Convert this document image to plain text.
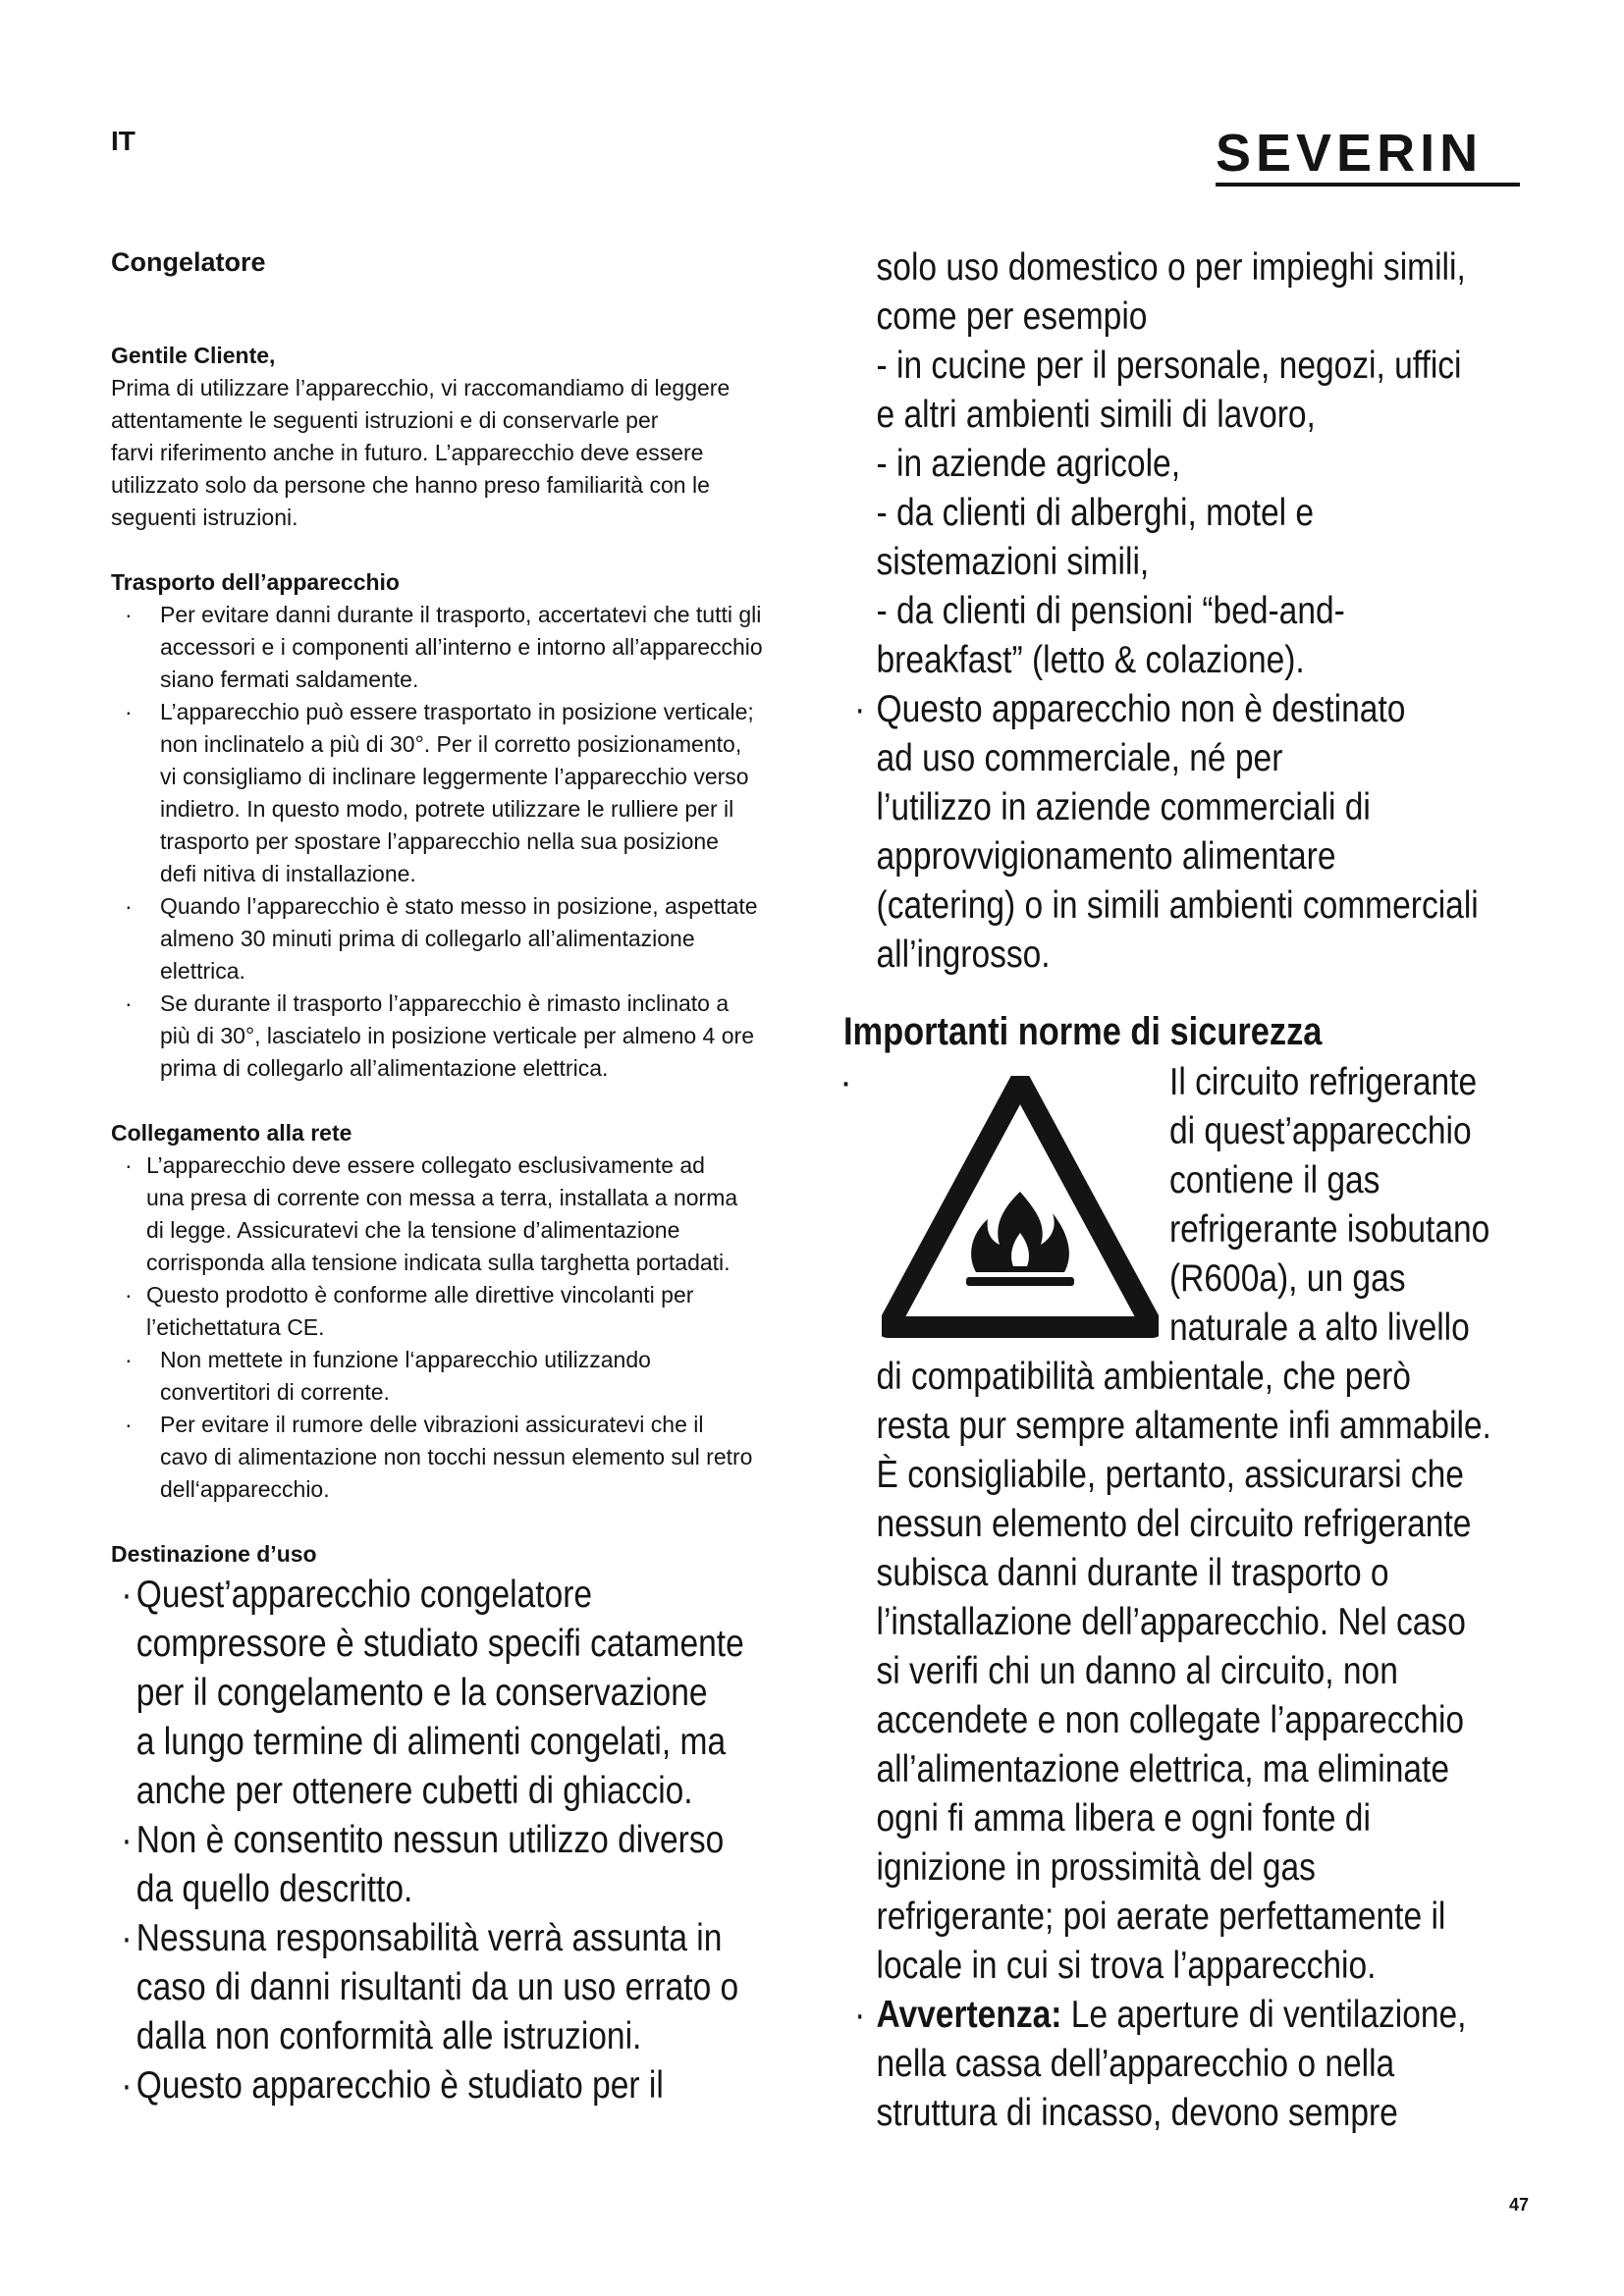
IT	SEVERIN

Congelatore

Gentile Cliente,

Prima di utilizzare l’apparecchio, vi raccomandiamo di leggere
attentamente le seguenti istruzioni e di conservarle per
farvi riferimento anche in futuro. L’apparecchio deve essere
utilizzato solo da persone che hanno preso familiarità con le
seguenti istruzioni.

Trasporto dell’apparecchio

· Per evitare danni durante il trasporto, accertatevi che tutti gli
accessori e i componenti all’interno e intorno all’apparecchio
siano fermati saldamente.

· L’apparecchio può essere trasportato in posizione verticale;
non inclinatelo a più di 30°. Per il corretto posizionamento,
vi consigliamo di inclinare leggermente l’apparecchio verso
indietro. In questo modo, potrete utilizzare le rulliere per il
trasporto per spostare l’apparecchio nella sua posizione
defi nitiva di installazione.

· Quando l’apparecchio è stato messo in posizione, aspettate
almeno 30 minuti prima di collegarlo all’alimentazione
elettrica.

· Se durante il trasporto l’apparecchio è rimasto inclinato a
più di 30°, lasciatelo in posizione verticale per almeno 4 ore
prima di collegarlo all’alimentazione elettrica.

Collegamento alla rete

· L’apparecchio deve essere collegato esclusivamente ad
una presa di corrente con messa a terra, installata a norma
di legge. Assicuratevi che la tensione d’alimentazione
corrisponda alla tensione indicata sulla targhetta portadati.

· Questo prodotto è conforme alle direttive vincolanti per
l’etichettatura CE.

· Non mettete in funzione l‘apparecchio utilizzando
convertitori di corrente.

· Per evitare il rumore delle vibrazioni assicuratevi che il
cavo di alimentazione non tocchi nessun elemento sul retro
dell‘apparecchio.

Destinazione d’uso

· Quest’apparecchio congelatore
compressore è studiato specifi catamente
per il congelamento e la conservazione
a lungo termine di alimenti congelati, ma
anche per ottenere cubetti di ghiaccio.

· Non è consentito nessun utilizzo diverso
da quello descritto.

· Nessuna responsabilità verrà assunta in
caso di danni risultanti da un uso errato o
dalla non conformità alle istruzioni.

· Questo apparecchio è studiato per il

solo uso domestico o per impieghi simili,
come per esempio
- in cucine per il personale, negozi, uffici
e altri ambienti simili di lavoro,
- in aziende agricole,
- da clienti di alberghi, motel e
sistemazioni simili,
- da clienti di pensioni “bed-and-
breakfast” (letto & colazione).

· Questo apparecchio non è destinato
ad uso commerciale, né per
l’utilizzo in aziende commerciali di
approvvigionamento alimentare
(catering) o in simili ambienti commerciali
all’ingrosso.

Importanti norme di sicurezza
·	Il circuito refrigerante
di quest’apparecchio
contiene il gas
refrigerante isobutano
(R600a), un gas
naturale a alto livello

di compatibilità ambientale, che però
resta pur sempre altamente infi ammabile.
È consigliabile, pertanto, assicurarsi che
nessun elemento del circuito refrigerante
subisca danni durante il trasporto o
l’installazione dell’apparecchio. Nel caso
si verifi chi un danno al circuito, non
accendete e non collegate l’apparecchio
all’alimentazione elettrica, ma eliminate
ogni fi amma libera e ogni fonte di
ignizione in prossimità del gas
refrigerante; poi aerate perfettamente il
locale in cui si trova l’apparecchio.

· Avvertenza: Le aperture di ventilazione,
nella cassa dell’apparecchio o nella
struttura di incasso, devono sempre

47
